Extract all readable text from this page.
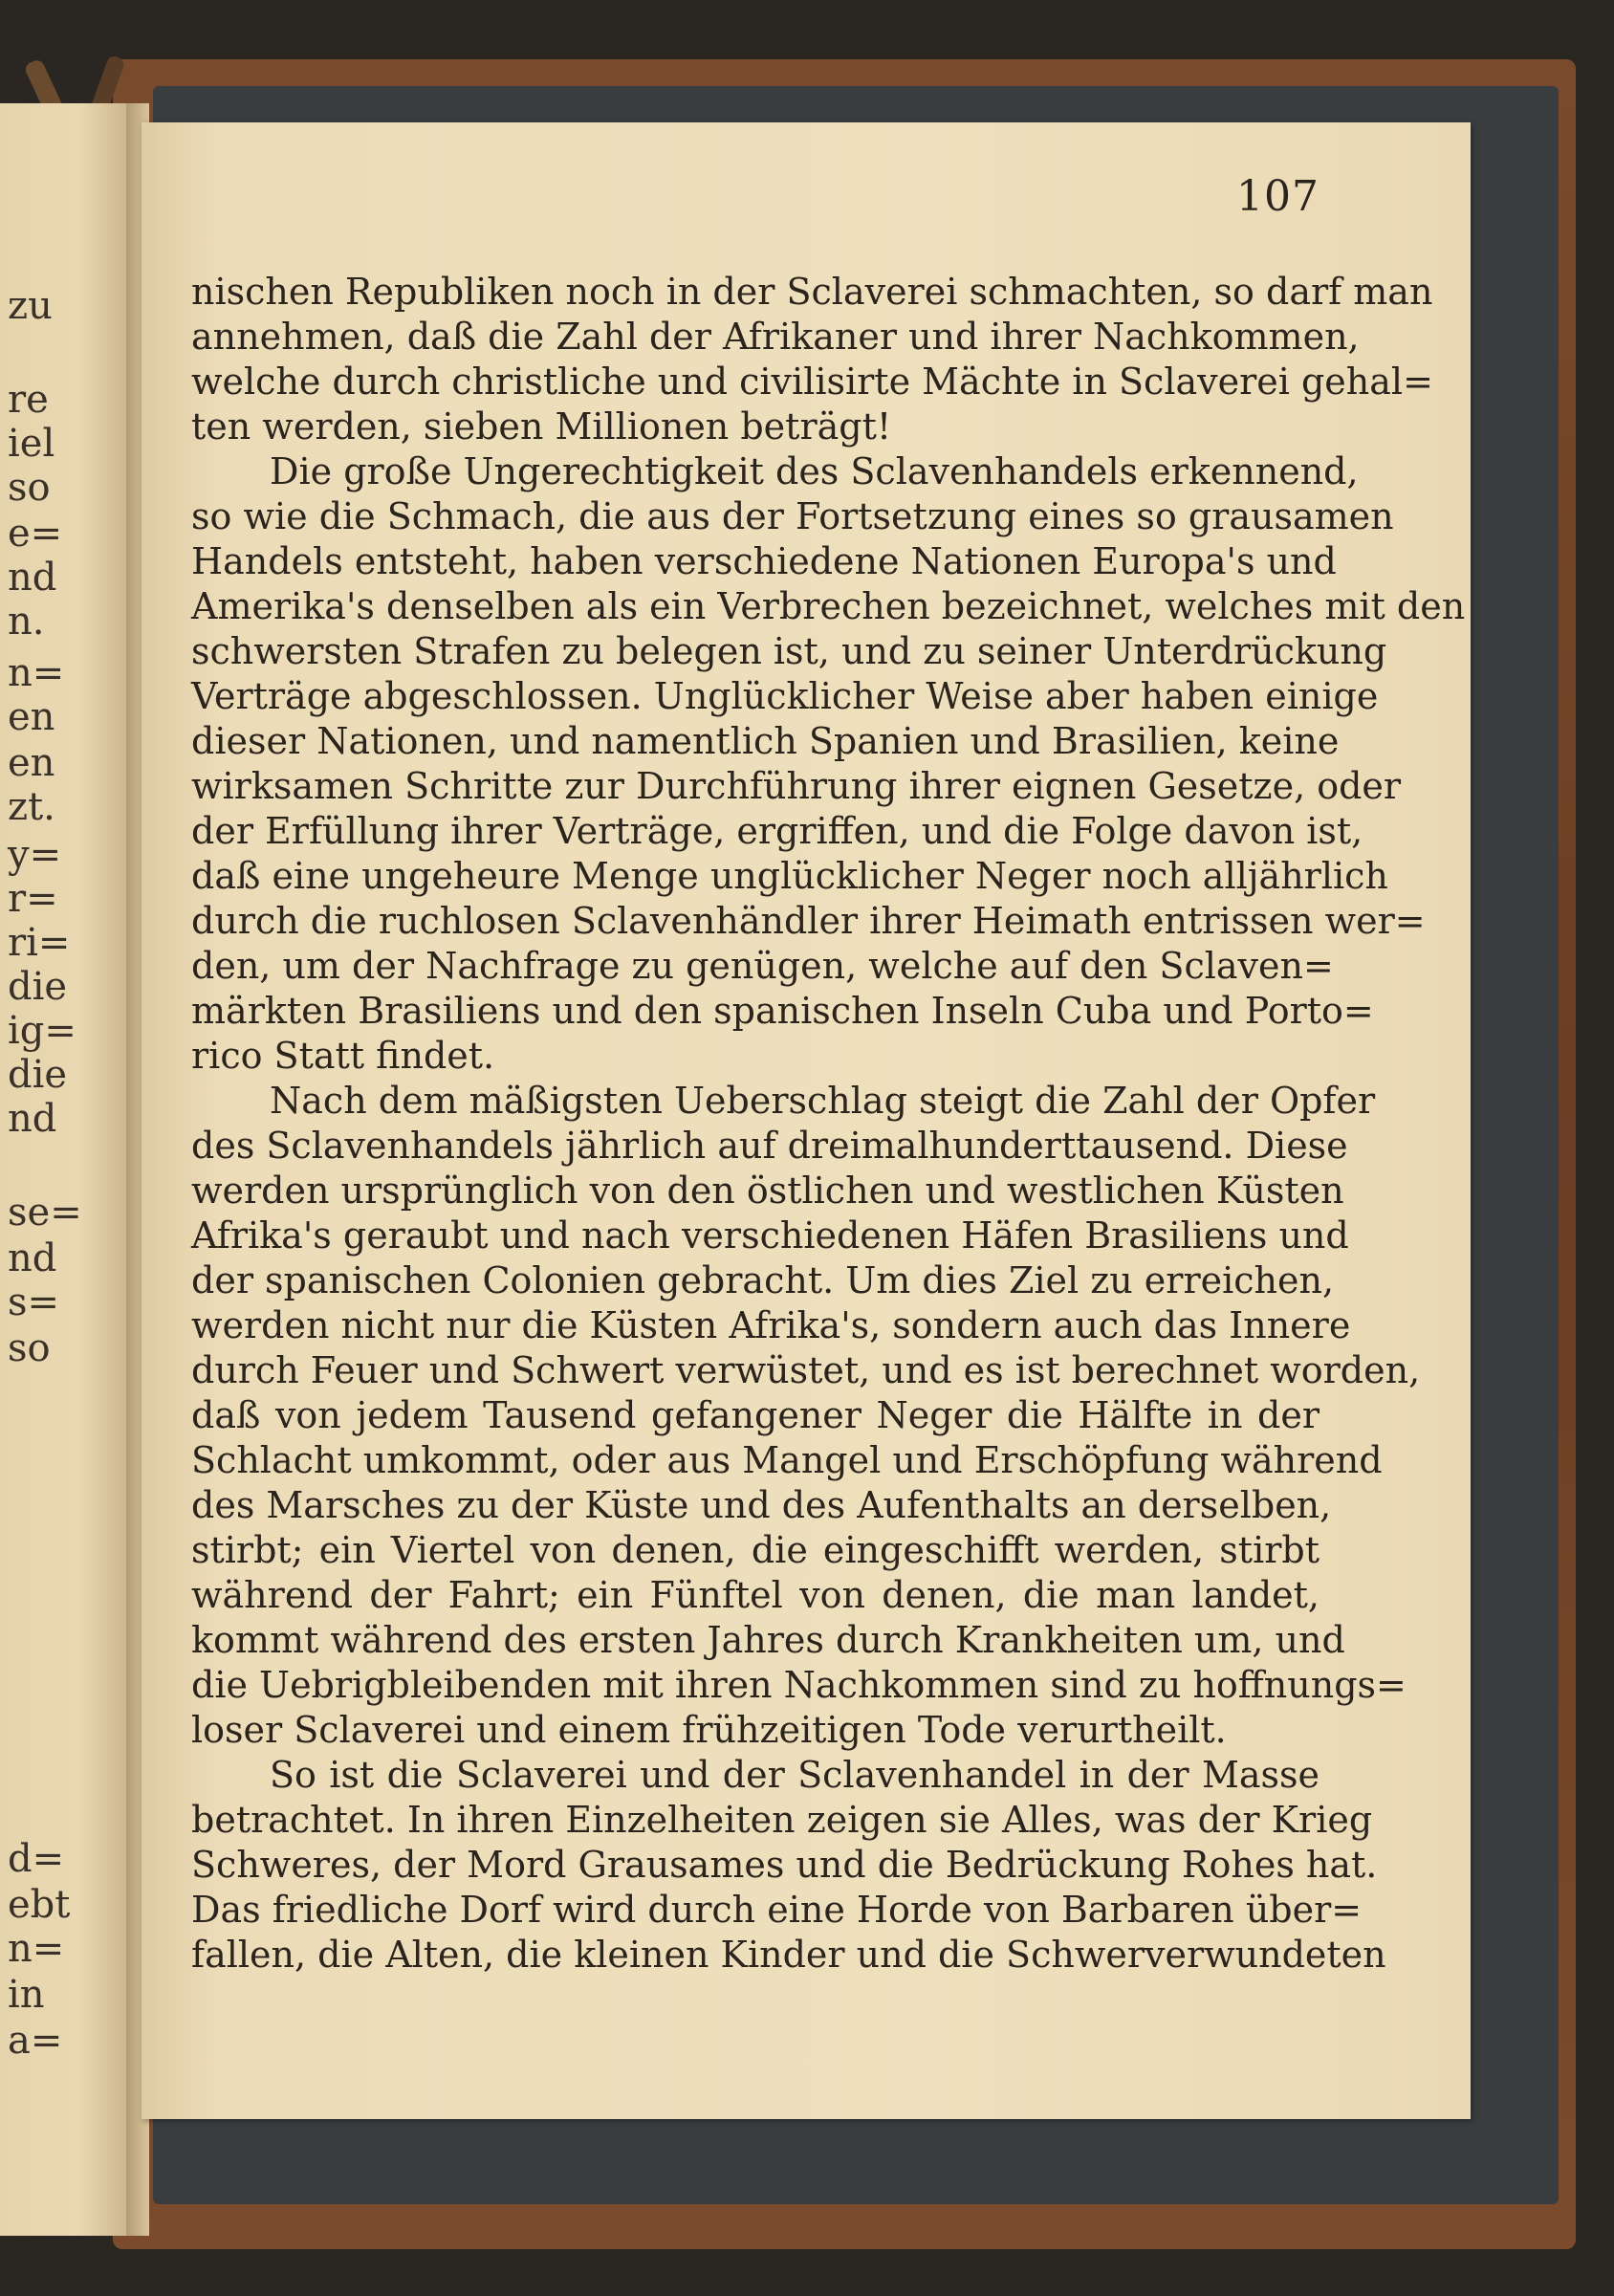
zu
re
iel
so
e=
nd
n.
n=
en
en
zt.
y=
r=
ri=
die
ig=
die
nd
se=
nd
s=
so
d=
ebt
n=
in
a=
107
nischen Republiken noch in der Sclaverei schmachten, so darf man
annehmen, daß die Zahl der Afrikaner und ihrer Nachkommen,
welche durch christliche und civilisirte Mächte in Sclaverei gehal=
ten werden, sieben Millionen beträgt!
Die große Ungerechtigkeit des Sclavenhandels erkennend,
so wie die Schmach, die aus der Fortsetzung eines so grausamen
Handels entsteht, haben verschiedene Nationen Europa's und
Amerika's denselben als ein Verbrechen bezeichnet, welches mit den
schwersten Strafen zu belegen ist, und zu seiner Unterdrückung
Verträge abgeschlossen. Unglücklicher Weise aber haben einige
dieser Nationen, und namentlich Spanien und Brasilien, keine
wirksamen Schritte zur Durchführung ihrer eignen Gesetze, oder
der Erfüllung ihrer Verträge, ergriffen, und die Folge davon ist,
daß eine ungeheure Menge unglücklicher Neger noch alljährlich
durch die ruchlosen Sclavenhändler ihrer Heimath entrissen wer=
den, um der Nachfrage zu genügen, welche auf den Sclaven=
märkten Brasiliens und den spanischen Inseln Cuba und Porto=
rico Statt findet.
Nach dem mäßigsten Ueberschlag steigt die Zahl der Opfer
des Sclavenhandels jährlich auf dreimalhunderttausend. Diese
werden ursprünglich von den östlichen und westlichen Küsten
Afrika's geraubt und nach verschiedenen Häfen Brasiliens und
der spanischen Colonien gebracht. Um dies Ziel zu erreichen,
werden nicht nur die Küsten Afrika's, sondern auch das Innere
durch Feuer und Schwert verwüstet, und es ist berechnet worden,
daß von jedem Tausend gefangener Neger die Hälfte in der
Schlacht umkommt, oder aus Mangel und Erschöpfung während
des Marsches zu der Küste und des Aufenthalts an derselben,
stirbt; ein Viertel von denen, die eingeschifft werden, stirbt
während der Fahrt; ein Fünftel von denen, die man landet,
kommt während des ersten Jahres durch Krankheiten um, und
die Uebrigbleibenden mit ihren Nachkommen sind zu hoffnungs=
loser Sclaverei und einem frühzeitigen Tode verurtheilt.
So ist die Sclaverei und der Sclavenhandel in der Masse
betrachtet. In ihren Einzelheiten zeigen sie Alles, was der Krieg
Schweres, der Mord Grausames und die Bedrückung Rohes hat.
Das friedliche Dorf wird durch eine Horde von Barbaren über=
fallen, die Alten, die kleinen Kinder und die Schwerverwundeten
